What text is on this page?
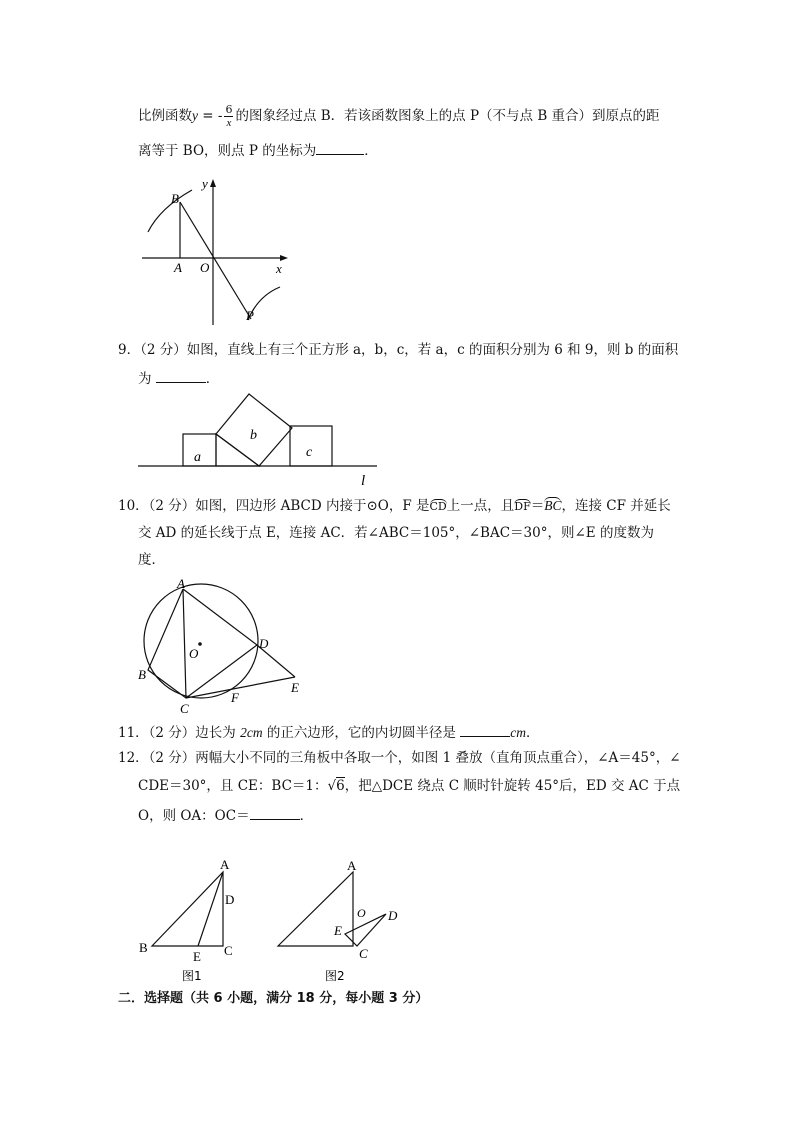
比例函数y = - $\frac{6}{x}$ 的图象经过点 B．若该函数图象上的点 P（不与点 B 重合）到原点的距
离等于 BO，则点 P 的坐标为	．
B
A O	x
y
P
9．（2 分）如图，直线上有三个正方形 a，b，c，若 a，c 的面积分别为 6 和 9，则 b 的面积
为	．
a
b
c
l
10．（2 分）如图，四边形 ABCD 内接于⊙O，F 是CD上一点，且DF＝BC，连接 CF 并延长
交 AD 的延长线于点 E，连接 AC．若∠ABC＝105°，∠BAC＝30°，则∠E 的度数为
度．
A
O
D
B
C
F
E
11．（2 分）边长为 2cm 的正六边形，它的内切圆半径是	cm．
12．（2 分）两幅大小不同的三角板中各取一个，如图 1 叠放（直角顶点重合），∠A＝45°，∠
CDE＝30°，且 CE：BC＝1：√6，把△DCE 绕点 C 顺时针旋转 45°后，ED 交 AC 于点
O，则 OA：OC＝	．
A
D
B
E C
图1
A
O D
E
C
图2
二．选择题（共 6 小题，满分 18 分，每小题 3 分）
